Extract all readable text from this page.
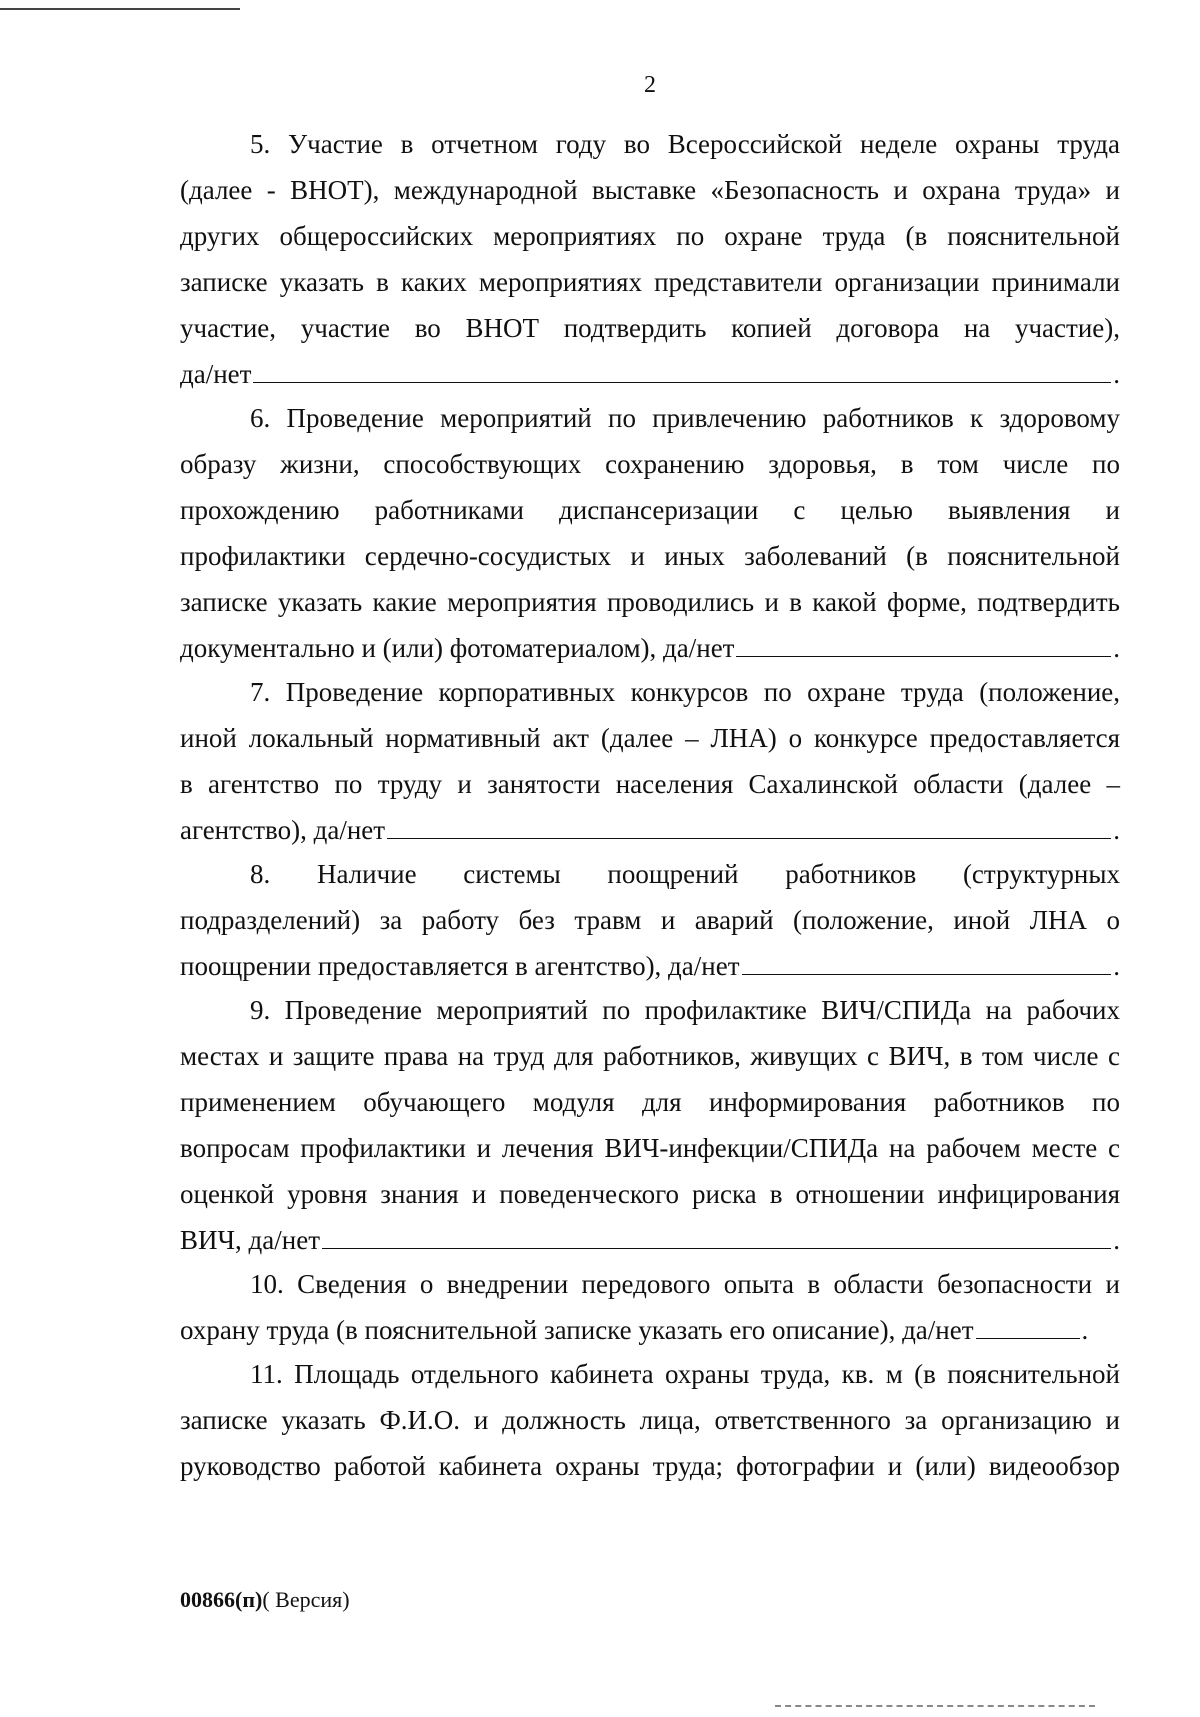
2
5. Участие в отчетном году во Всероссийской неделе охраны труда
(далее - ВНОТ), международной выставке «Безопасность и охрана труда» и
других общероссийских мероприятиях по охране труда (в пояснительной
записке указать в каких мероприятиях представители организации принимали
участие, участие во ВНОТ подтвердить копией договора на участие),
да/нет	.
6. Проведение мероприятий по привлечению работников к здоровому
образу жизни, способствующих сохранению здоровья, в том числе по
прохождению работниками диспансеризации с целью выявления и
профилактики сердечно-сосудистых и иных заболеваний (в пояснительной
записке указать какие мероприятия проводились и в какой форме, подтвердить
документально и (или) фотоматериалом), да/нет	.
7. Проведение корпоративных конкурсов по охране труда (положение,
иной локальный нормативный акт (далее – ЛНА) о конкурсе предоставляется
в агентство по труду и занятости населения Сахалинской области (далее –
агентство), да/нет	.
8. Наличие системы поощрений работников (структурных
подразделений) за работу без травм и аварий (положение, иной ЛНА о
поощрении предоставляется в агентство), да/нет	.
9. Проведение мероприятий по профилактике ВИЧ/СПИДа на рабочих
местах и защите права на труд для работников, живущих с ВИЧ, в том числе с
применением обучающего модуля для информирования работников по
вопросам профилактики и лечения ВИЧ-инфекции/СПИДа на рабочем месте с
оценкой уровня знания и поведенческого риска в отношении инфицирования
ВИЧ, да/нет	.
10. Сведения о внедрении передового опыта в области безопасности и
охрану труда (в пояснительной записке указать его описание), да/нет	.
11. Площадь отдельного кабинета охраны труда, кв. м (в пояснительной
записке указать Ф.И.О. и должность лица, ответственного за организацию и
руководство работой кабинета охраны труда; фотографии и (или) видеообзор
00866(п)( Версия)
